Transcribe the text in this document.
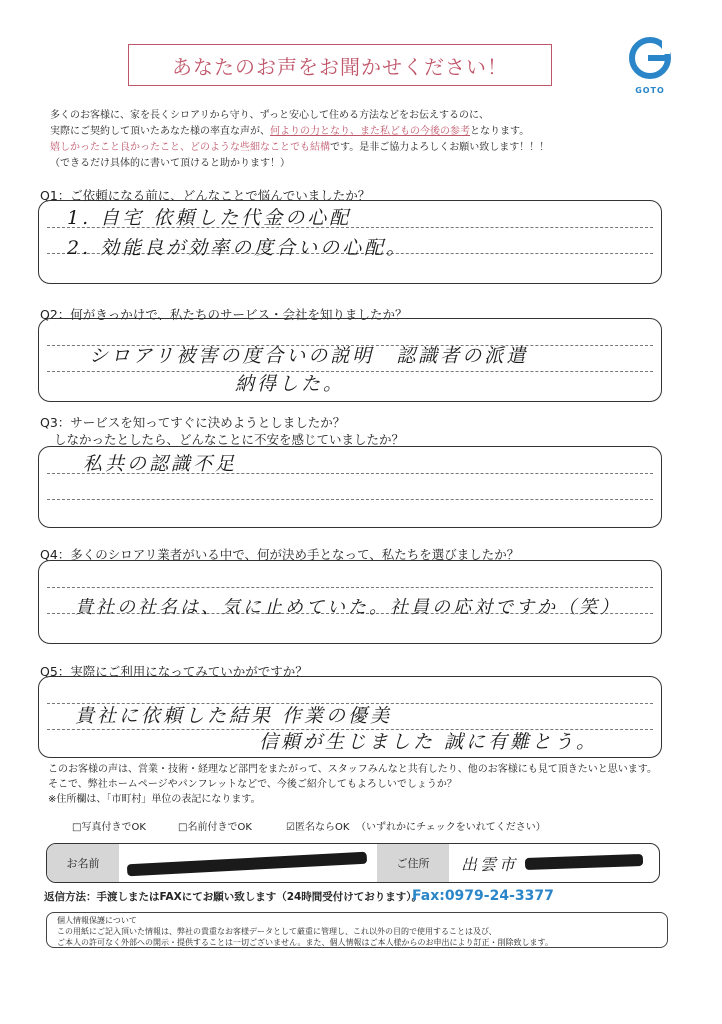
あなたのお声をお聞かせください！
GOTO
多くのお客様に、家を長くシロアリから守り、ずっと安心して住める方法などをお伝えするのに、
実際にご契約して頂いたあなた様の率直な声が、何よりの力となり、また私どもの今後の参考となります。
嬉しかったこと良かったこと、どのような些細なことでも結構です。是非ご協力よろしくお願い致します！！！
（できるだけ具体的に書いて頂けると助かります！）
Q1：ご依頼になる前に、どんなことで悩んでいましたか？
1. 自宅 依頼した代金の心配
2. 効能良が効率の度合いの心配。
Q2：何がきっかけで、私たちのサービス・会社を知りましたか？
シロアリ被害の度合いの説明　認識者の派遣
納得した。
Q3：サービスを知ってすぐに決めようとしましたか？
しなかったとしたら、どんなことに不安を感じていましたか？
私共の認識不足
Q4：多くのシロアリ業者がいる中で、何が決め手となって、私たちを選びましたか？
貴社の社名は、気に止めていた。社員の応対ですか（笑）
Q5：実際にご利用になってみていかがですか？
貴社に依頼した結果 作業の優美
信頼が生じました 誠に有難とう。
このお客様の声は、営業・技術・経理など部門をまたがって、スタッフみんなと共有したり、他のお客様にも見て頂きたいと思います。
そこで、弊社ホームページやパンフレットなどで、今後ご紹介してもよろしいでしょうか？
※住所欄は、「市町村」単位の表記になります。
□写真付きでOK	□名前付きでOK	☑匿名ならOK （いずれかにチェックをいれてください）
お名前	ご住所	出雲市
返信方法：手渡しまたはFAXにてお願い致します（24時間受付けております）。
Fax:0979-24-3377
個人情報保護について
この用紙にご記入頂いた情報は、弊社の貴重なお客様データとして厳重に管理し、これ以外の目的で使用することは及び、
ご本人の許可なく外部への開示・提供することは一切ございません。また、個人情報はご本人様からのお申出により訂正・削除致します。
